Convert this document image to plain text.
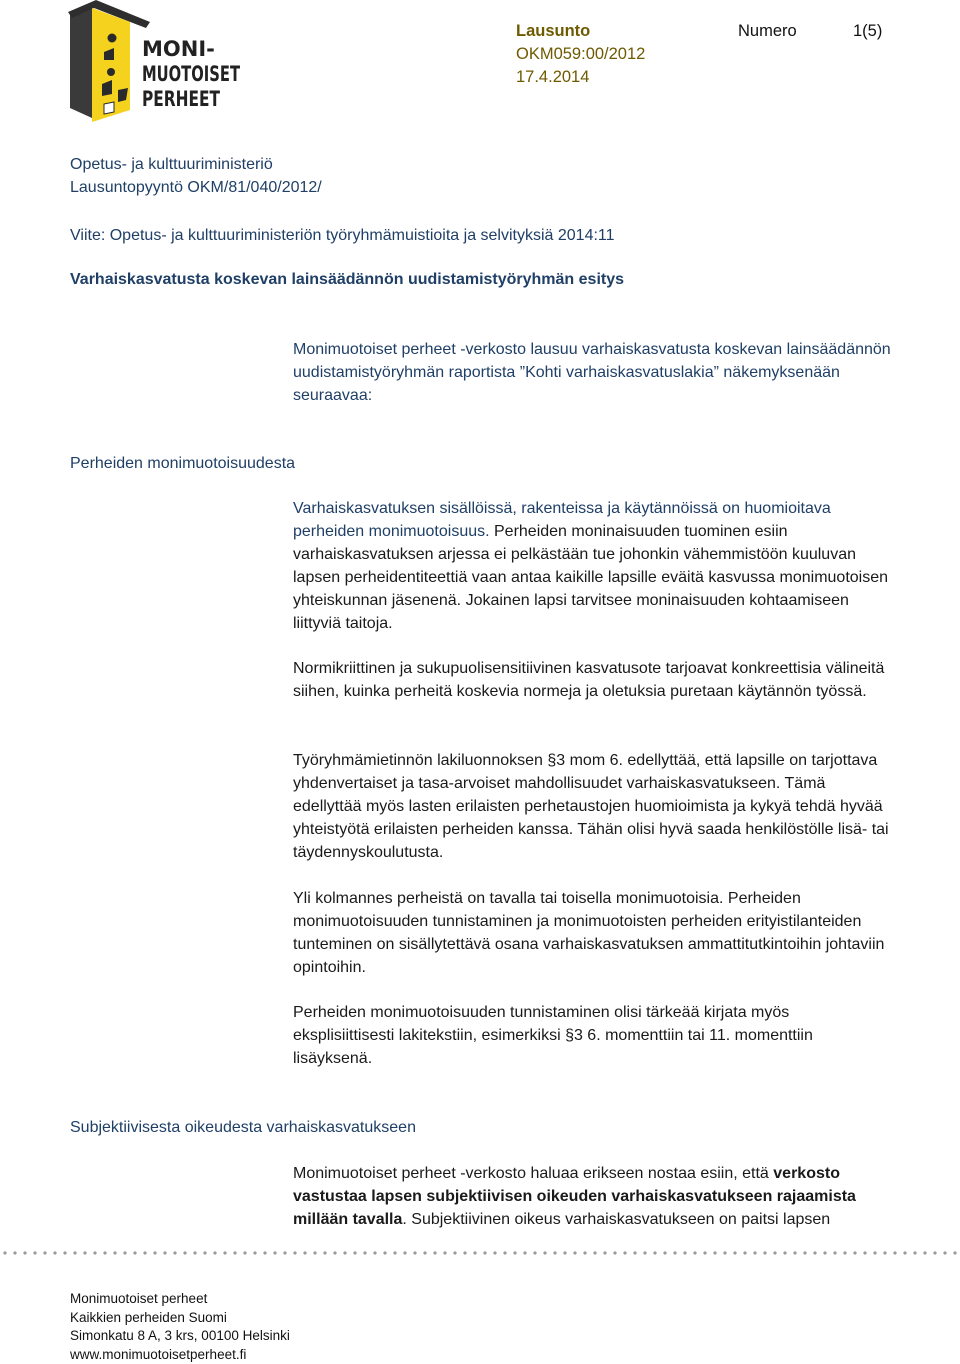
MONI-
MUOTOISET
PERHEET
Lausunto
OKM059:00/2012
17.4.2014
Numero	1(5)

Opetus- ja kulttuuriministeriö

Lausuntopyyntö OKM/81/040/2012/

Viite: Opetus- ja kulttuuriministeriön työryhmämuistioita ja selvityksiä 2014:11

Varhaiskasvatusta koskevan lainsäädännön uudistamistyöryhmän esitys

Monimuotoiset perheet -verkosto lausuu varhaiskasvatusta koskevan lainsäädännön uudistamistyöryhmän raportista ”Kohti varhaiskasvatuslakia” näkemyksenään seuraavaa:

Perheiden monimuotoisuudesta

Varhaiskasvatuksen sisällöissä, rakenteissa ja käytännöissä on huomioitava perheiden monimuotoisuus. Perheiden moninaisuuden tuominen esiin varhaiskasvatuksen arjessa ei pelkästään tue johonkin vähemmistöön kuuluvan lapsen perheidentiteettiä vaan antaa kaikille lapsille eväitä kasvussa monimuotoisen yhteiskunnan jäsenenä. Jokainen lapsi tarvitsee moninaisuuden kohtaamiseen liittyviä taitoja.

Normikriittinen ja sukupuolisensitiivinen kasvatusote tarjoavat konkreettisia välineitä siihen, kuinka perheitä koskevia normeja ja oletuksia puretaan käytännön työssä.

Työryhmämietinnön lakiluonnoksen §3 mom 6. edellyttää, että lapsille on tarjottava yhdenvertaiset ja tasa-arvoiset mahdollisuudet varhaiskasvatukseen. Tämä edellyttää myös lasten erilaisten perhetaustojen huomioimista ja kykyä tehdä hyvää yhteistyötä erilaisten perheiden kanssa. Tähän olisi hyvä saada henkilöstölle lisä- tai täydennyskoulutusta.

Yli kolmannes perheistä on tavalla tai toisella monimuotoisia. Perheiden monimuotoisuuden tunnistaminen ja monimuotoisten perheiden erityistilanteiden tunteminen on sisällytettävä osana varhaiskasvatuksen ammattitutkintoihin johtaviin opintoihin.

Perheiden monimuotoisuuden tunnistaminen olisi tärkeää kirjata myös eksplisiittisesti lakitekstiin, esimerkiksi §3 6. momenttiin tai 11. momenttiin lisäyksenä.

Subjektiivisesta oikeudesta varhaiskasvatukseen

Monimuotoiset perheet -verkosto haluaa erikseen nostaa esiin, että verkosto vastustaa lapsen subjektiivisen oikeuden varhaiskasvatukseen rajaamista millään tavalla. Subjektiivinen oikeus varhaiskasvatukseen on paitsi lapsen

Monimuotoiset perheet
Kaikkien perheiden Suomi
Simonkatu 8 A, 3 krs, 00100 Helsinki
www.monimuotoisetperheet.fi
